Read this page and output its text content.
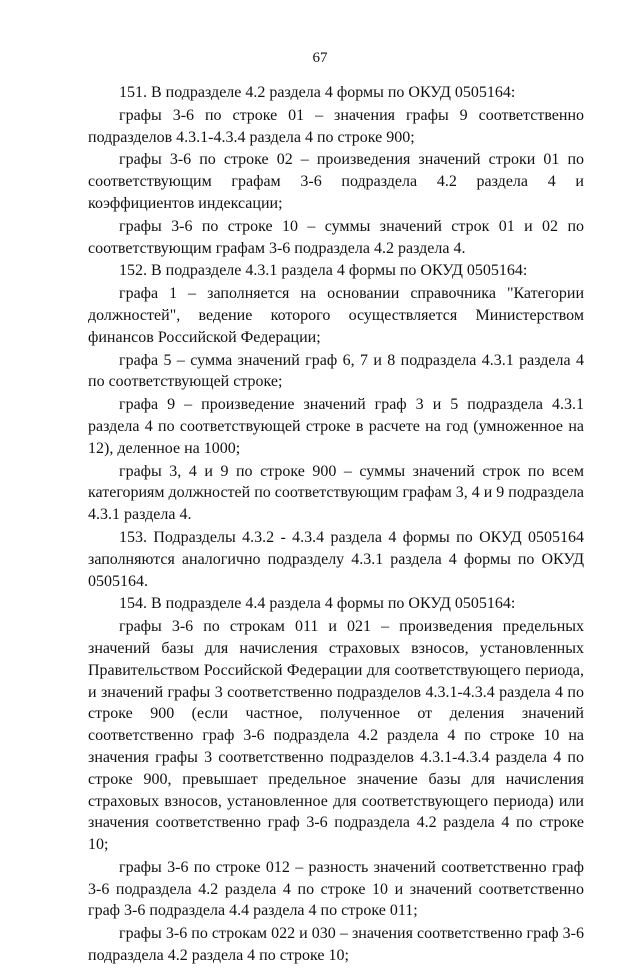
67

151. В подразделе 4.2 раздела 4 формы по ОКУД 0505164:

графы 3-6 по строке 01 – значения графы 9 соответственно подразделов 4.3.1-4.3.4 раздела 4 по строке 900;

графы 3-6 по строке 02 – произведения значений строки 01 по соответствующим графам 3-6 подраздела 4.2 раздела 4 и коэффициентов индексации;

графы 3-6 по строке 10 – суммы значений строк 01 и 02 по соответствующим графам 3-6 подраздела 4.2 раздела 4.

152. В подразделе 4.3.1 раздела 4 формы по ОКУД 0505164:

графа 1 – заполняется на основании справочника "Категории должностей", ведение которого осуществляется Министерством финансов Российской Федерации;

графа 5 – сумма значений граф 6, 7 и 8 подраздела 4.3.1 раздела 4 по соответствующей строке;

графа 9 – произведение значений граф 3 и 5 подраздела 4.3.1 раздела 4 по соответствующей строке в расчете на год (умноженное на 12), деленное на 1000;

графы 3, 4 и 9 по строке 900 – суммы значений строк по всем категориям должностей по соответствующим графам 3, 4 и 9 подраздела 4.3.1 раздела 4.

153. Подразделы 4.3.2 - 4.3.4 раздела 4 формы по ОКУД 0505164 заполняются аналогично подразделу 4.3.1 раздела 4 формы по ОКУД 0505164.

154. В подразделе 4.4 раздела 4 формы по ОКУД 0505164:

графы 3-6 по строкам 011 и 021 – произведения предельных значений базы для начисления страховых взносов, установленных Правительством Российской Федерации для соответствующего периода, и значений графы 3 соответственно подразделов 4.3.1-4.3.4 раздела 4 по строке 900 (если частное, полученное от деления значений соответственно граф 3-6 подраздела 4.2 раздела 4 по строке 10 на значения графы 3 соответственно подразделов 4.3.1-4.3.4 раздела 4 по строке 900, превышает предельное значение базы для начисления страховых взносов, установленное для соответствующего периода) или значения соответственно граф 3-6 подраздела 4.2 раздела 4 по строке 10;

графы 3-6 по строке 012 – разность значений соответственно граф 3-6 подраздела 4.2 раздела 4 по строке 10 и значений соответственно граф 3-6 подраздела 4.4 раздела 4 по строке 011;

графы 3-6 по строкам 022 и 030 – значения соответственно граф 3-6 подраздела 4.2 раздела 4 по строке 10;
